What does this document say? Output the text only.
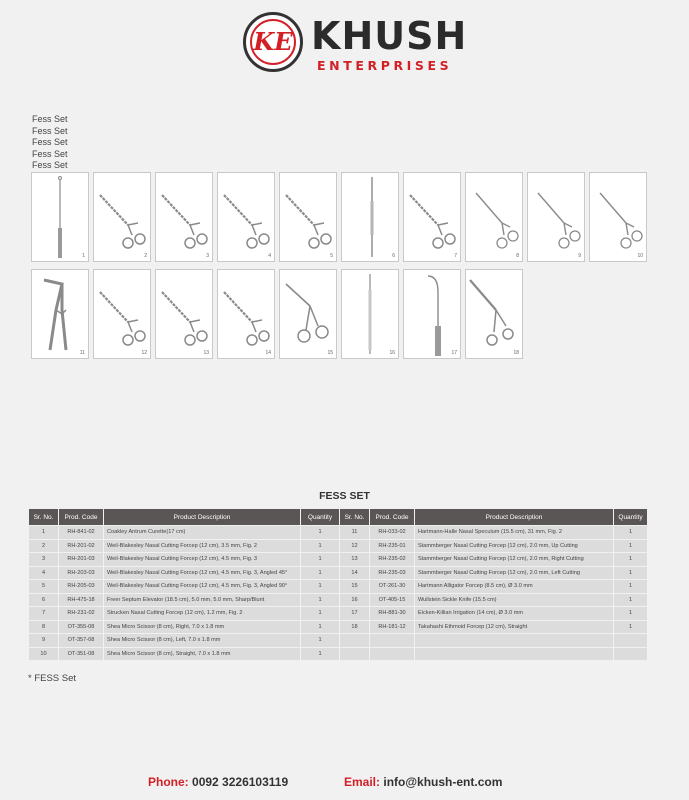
KE KHUSH
ENTERPRISES
Fess Set
Fess Set
Fess Set
Fess Set
Fess Set
1	2	3	4	5	6	7	8	9	10
11	12	13	14	15	16	17	18
FESS SET
Sr. No.	Prod. Code	Product Description	Quantity	Sr. No.	Prod. Code	Product Description	Quantity
1	RH-841-02	Coakley Antrum Curette(17 cm)	1	11	RH-033-02	Hartmann-Halle Nasal Speculum (15.5 cm), 31 mm, Fig. 2	1
2	RH-201-02	Weil-Blakesley Nasal Cutting Forcep (12 cm), 3.5 mm, Fig. 2	1	12	RH-235-01	Stammberger Nasal Cutting Forcep (12 cm), 2.0 mm, Up Cutting	1
3	RH-201-03	Weil-Blakesley Nasal Cutting Forcep (12 cm), 4.5 mm, Fig. 3	1	13	RH-235-02	Stammberger Nasal Cutting Forcep (12 cm), 2.0 mm, Right Cutting	1
4	RH-203-03	Weil-Blakesley Nasal Cutting Forcep (12 cm), 4.5 mm, Fig. 3, Angled 45°	1	14	RH-235-03	Stammberger Nasal Cutting Forcep (12 cm), 2.0 mm, Left Cutting	1
5	RH-205-03	Weil-Blakesley Nasal Cutting Forcep (12 cm), 4.5 mm, Fig. 3, Angled 90°	1	15	OT-261-30	Hartmann Alligator Forcep (8.5 cm), Ø 3.0 mm	1
6	RH-475-18	Freer Septum Elevator (18.5 cm), 5.0 mm, 5.0 mm, Sharp/Blunt	1	16	OT-405-15	Wullstein Sickle Knife (15.5 cm)	1
7	RH-231-02	Strucken Nasal Cutting Forcep (12 cm), 1.2 mm, Fig. 2	1	17	RH-881-30	Eicken-Killian Irrigation (14 cm), Ø 3.0 mm	1
8	OT-355-08	Shea Micro Scissor (8 cm), Right, 7.0 x 1.8 mm	1	18	RH-181-12	Takahashi Ethmoid Forcep (12 cm), Straight	1
9	OT-357-08	Shea Micro Scissor (8 cm), Left, 7.0 x 1.8 mm	1				
10	OT-351-08	Shea Micro Scissor (8 cm), Straight, 7.0 x 1.8 mm	1				
* FESS Set
Phone: 0092 3226103119	Email: info@khush-ent.com
